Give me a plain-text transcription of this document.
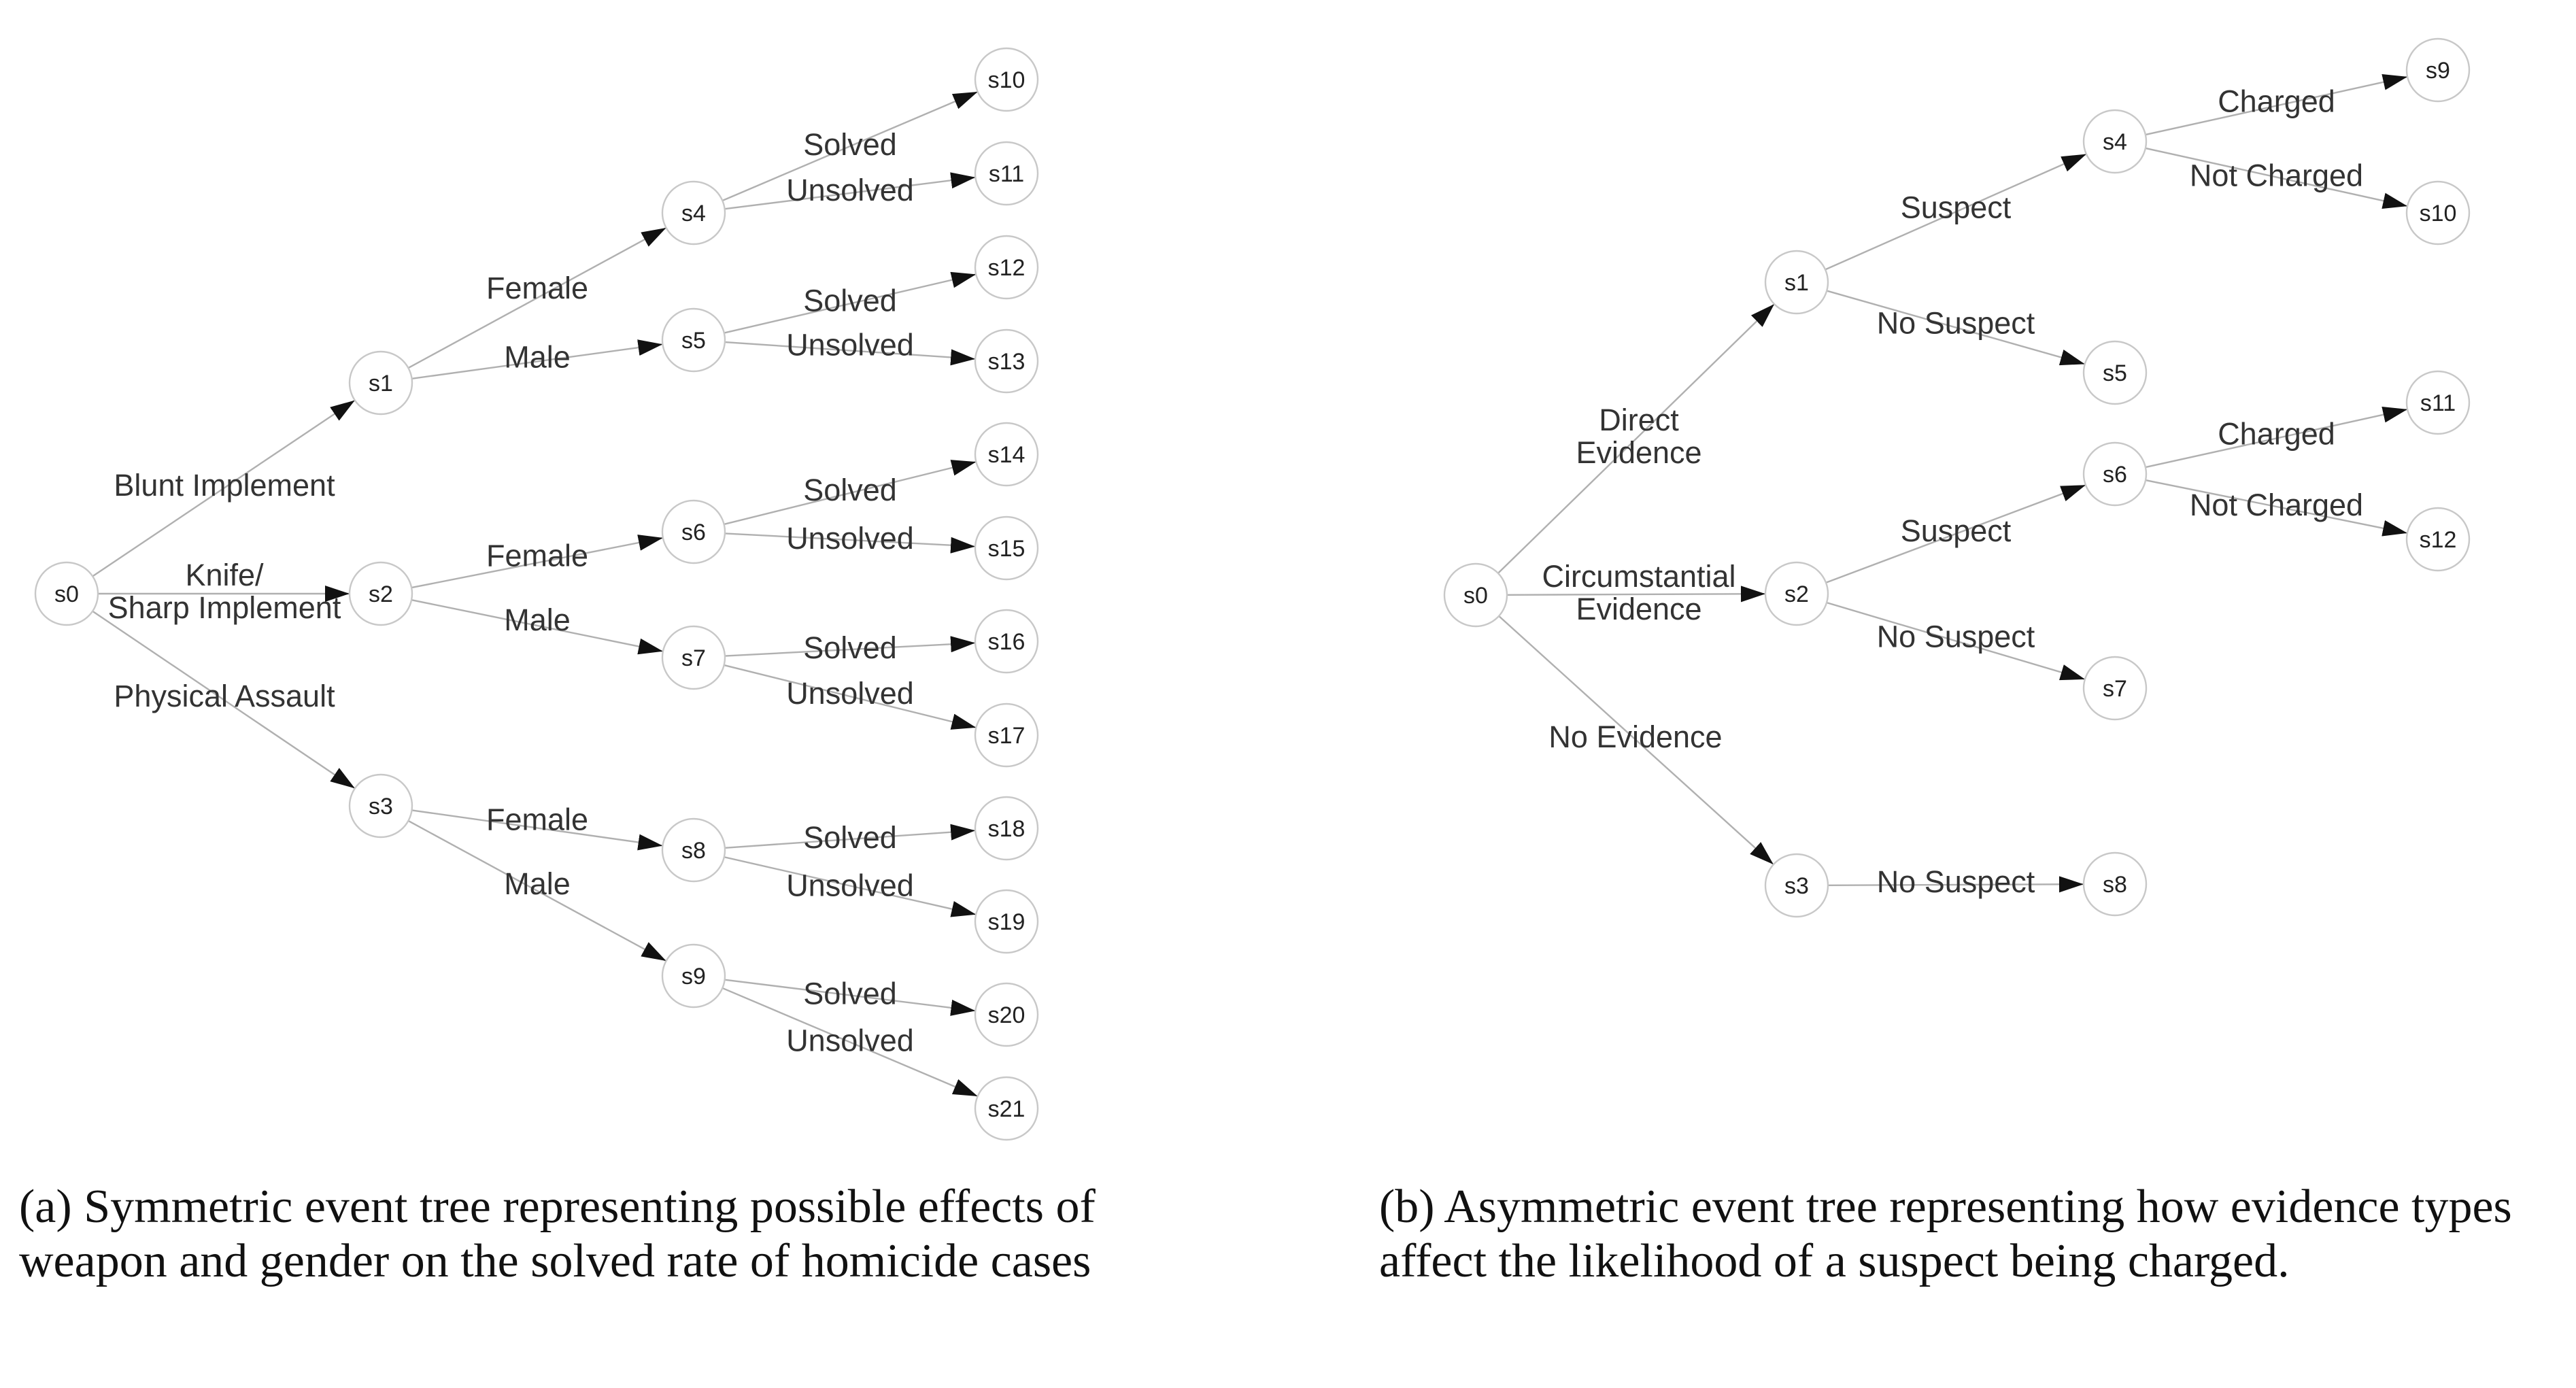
Blunt Implement
Knife/ Sharp Implement
Physical Assault
Female
Male
Female
Male
Female
Male
Solved
Unsolved
Solved
Unsolved
Solved
Unsolved
Solved
Unsolved
Solved
Unsolved
Solved
Unsolved
s0
s1
s2
s3
s4
s5
s6
s7
s8
s9
s10
s11
s12
s13
s14
s15
s16
s17
s18
s19
s20
s21
Direct Evidence
Circumstantial Evidence
No Evidence
Suspect
No Suspect
Suspect
No Suspect
No Suspect
Charged
Not Charged
Charged
Not Charged
s0
s1
s2
s3
s4
s5
s6
s7
s8
s9
s10
s11
s12

(a) Symmetric event tree representing possible effects of weapon and gender on the solved rate of homicide cases

(b) Asymmetric event tree representing how evidence types affect the likelihood of a suspect being charged.
